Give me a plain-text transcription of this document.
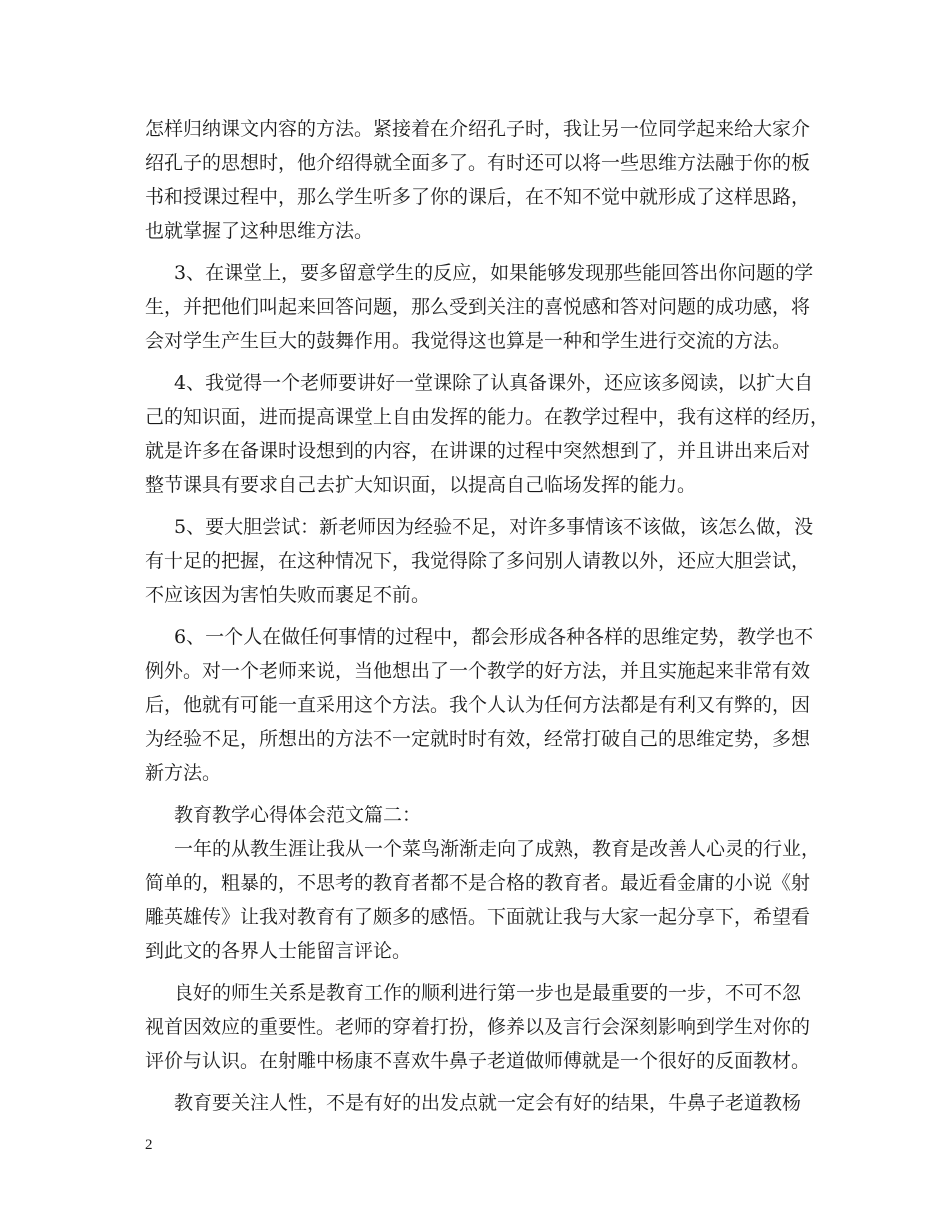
怎样归纳课文内容的方法。紧接着在介绍孔子时，我让另一位同学起来给大家介
绍孔子的思想时，他介绍得就全面多了。有时还可以将一些思维方法融于你的板
书和授课过程中，那么学生听多了你的课后，在不知不觉中就形成了这样思路，
也就掌握了这种思维方法。
3、在课堂上，要多留意学生的反应，如果能够发现那些能回答出你问题的学
生，并把他们叫起来回答问题，那么受到关注的喜悦感和答对问题的成功感，将
会对学生产生巨大的鼓舞作用。我觉得这也算是一种和学生进行交流的方法。
4、我觉得一个老师要讲好一堂课除了认真备课外，还应该多阅读，以扩大自
己的知识面，进而提高课堂上自由发挥的能力。在教学过程中，我有这样的经历，
就是许多在备课时设想到的内容，在讲课的过程中突然想到了，并且讲出来后对
整节课具有要求自己去扩大知识面，以提高自己临场发挥的能力。
5、要大胆尝试：新老师因为经验不足，对许多事情该不该做，该怎么做，没
有十足的把握，在这种情况下，我觉得除了多问别人请教以外，还应大胆尝试，
不应该因为害怕失败而裹足不前。
6、一个人在做任何事情的过程中，都会形成各种各样的思维定势，教学也不
例外。对一个老师来说，当他想出了一个教学的好方法，并且实施起来非常有效
后，他就有可能一直采用这个方法。我个人认为任何方法都是有利又有弊的，因
为经验不足，所想出的方法不一定就时时有效，经常打破自己的思维定势，多想
新方法。
教育教学心得体会范文篇二：
一年的从教生涯让我从一个菜鸟渐渐走向了成熟，教育是改善人心灵的行业，
简单的，粗暴的，不思考的教育者都不是合格的教育者。最近看金庸的小说《射
雕英雄传》让我对教育有了颇多的感悟。下面就让我与大家一起分享下，希望看
到此文的各界人士能留言评论。
良好的师生关系是教育工作的顺利进行第一步也是最重要的一步，不可不忽
视首因效应的重要性。老师的穿着打扮，修养以及言行会深刻影响到学生对你的
评价与认识。在射雕中杨康不喜欢牛鼻子老道做师傅就是一个很好的反面教材。
教育要关注人性，不是有好的出发点就一定会有好的结果，牛鼻子老道教杨
2
